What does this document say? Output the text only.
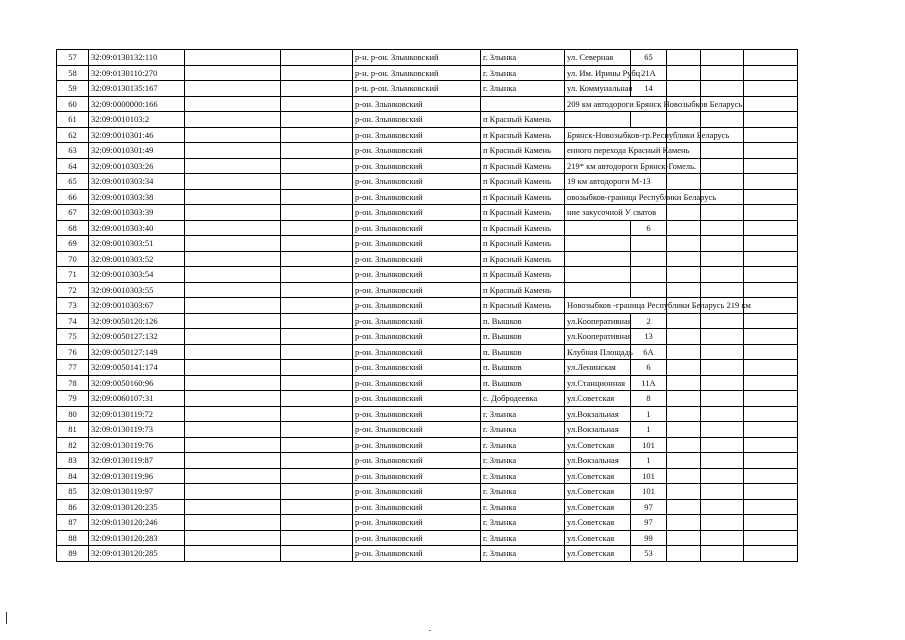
57	32:09:0130132:110			р-н. р-он. Злынковский	г. Злынка	ул. Северная	65				
58	32:09:0130110:270			р-н. р-он. Злынковский	г. Злынка	ул. Им. Ирины Рубц	21А				
59	32:09:0130135:167			р-н. р-он. Злынковский	г. Злынка	ул. Коммунальная	14				
60	32:09:0000000:166			р-он. Злынковский		209 км автодороги Брянск Новозыбков Беларусь					
61	32:09:0010103:2			р-он. Злынковский	п Красный Камень						
62	32:09:0010301:46			р-он. Злынковский	п Красный Камень	Брянск-Новозыбков-гр.Республики Беларусь					
63	32:09:0010301:49			р-он. Злынковский	п Красный Камень	енного перехода Красный Камень					
64	32:09:0010303:26			р-он. Злынковский	п Красный Камень	219* км автодороги Брянск-Гомель.					
65	32:09:0010303:34			р-он. Злынковский	п Красный Камень	19 км автодороги М-13					
66	32:09:0010303:38			р-он. Злынковский	п Красный Камень	овозыбков-граница Республики Беларусь					
67	32:09:0010303:39			р-он. Злынковский	п Красный Камень	ние закусочной У сватов					
68	32:09:0010303:40			р-он. Злынковский	п Красный Камень		6				
69	32:09:0010303:51			р-он. Злынковский	п Красный Камень						
70	32:09:0010303:52			р-он. Злынковский	п Красный Камень						
71	32:09:0010303:54			р-он. Злынковский	п Красный Камень						
72	32:09:0010303:55			р-он. Злынковский	п Красный Камень						
73	32:09:0010303:67			р-он. Злынковский	п Красный Камень	Новозыбков -граница Республики Беларусь 219 км					
74	32:09:0050120:126			р-он. Злынковский	п. Вышков	ул.Кооперативная	2				
75	32:09:0050127:132			р-он. Злынковский	п. Вышков	ул.Кооперативная	13				
76	32:09:0050127:149			р-он. Злынковский	п. Вышков	Клубная Площадь	6А				
77	32:09:0050141:174			р-он. Злынковский	п. Вышков	ул.Ленинская	6				
78	32:09:0050160:96			р-он. Злынковский	п. Вышков	ул.Станционная	11А				
79	32:09:0060107:31			р-он. Злынковский	с. Добродеевка	ул.Советская	8				
80	32:09:0130119:72			р-он. Злынковский	г. Злынка	ул.Вокзальная	1				
81	32:09:0130119:73			р-он. Злынковский	г. Злынка	ул.Вокзальная	1				
82	32:09:0130119:76			р-он. Злынковский	г. Злынка	ул.Советская	101				
83	32:09:0130119:87			р-он. Злынковский	г. Злынка	ул.Вокзальная	1				
84	32:09:0130119:96			р-он. Злынковский	г. Злынка	ул.Советская	101				
85	32:09:0130119:97			р-он. Злынковский	г. Злынка	ул.Советская	101				
86	32:09:0130120:235			р-он. Злынковский	г. Злынка	ул.Советская	97				
87	32:09:0130120:246			р-он. Злынковский	г. Злынка	ул.Советская	97				
88	32:09:0130120:283			р-он. Злынковский	г. Злынка	ул.Советская	99				
89	32:09:0130120:285			р-он. Злынковский	г. Злынка	ул.Советская	53				
